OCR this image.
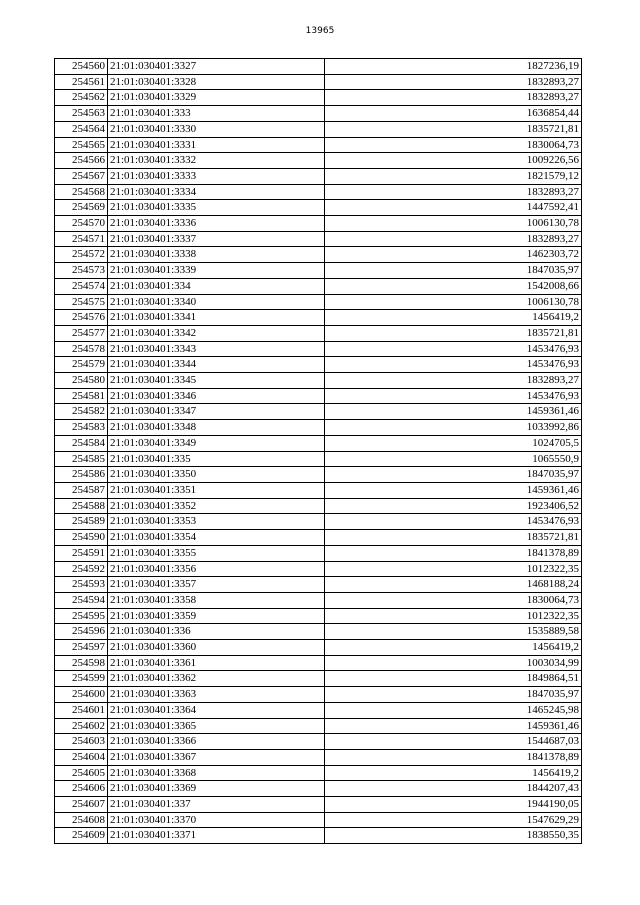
13965
254560	21:01:030401:3327	1827236,19
254561	21:01:030401:3328	1832893,27
254562	21:01:030401:3329	1832893,27
254563	21:01:030401:333	1636854,44
254564	21:01:030401:3330	1835721,81
254565	21:01:030401:3331	1830064,73
254566	21:01:030401:3332	1009226,56
254567	21:01:030401:3333	1821579,12
254568	21:01:030401:3334	1832893,27
254569	21:01:030401:3335	1447592,41
254570	21:01:030401:3336	1006130,78
254571	21:01:030401:3337	1832893,27
254572	21:01:030401:3338	1462303,72
254573	21:01:030401:3339	1847035,97
254574	21:01:030401:334	1542008,66
254575	21:01:030401:3340	1006130,78
254576	21:01:030401:3341	1456419,2
254577	21:01:030401:3342	1835721,81
254578	21:01:030401:3343	1453476,93
254579	21:01:030401:3344	1453476,93
254580	21:01:030401:3345	1832893,27
254581	21:01:030401:3346	1453476,93
254582	21:01:030401:3347	1459361,46
254583	21:01:030401:3348	1033992,86
254584	21:01:030401:3349	1024705,5
254585	21:01:030401:335	1065550,9
254586	21:01:030401:3350	1847035,97
254587	21:01:030401:3351	1459361,46
254588	21:01:030401:3352	1923406,52
254589	21:01:030401:3353	1453476,93
254590	21:01:030401:3354	1835721,81
254591	21:01:030401:3355	1841378,89
254592	21:01:030401:3356	1012322,35
254593	21:01:030401:3357	1468188,24
254594	21:01:030401:3358	1830064,73
254595	21:01:030401:3359	1012322,35
254596	21:01:030401:336	1535889,58
254597	21:01:030401:3360	1456419,2
254598	21:01:030401:3361	1003034,99
254599	21:01:030401:3362	1849864,51
254600	21:01:030401:3363	1847035,97
254601	21:01:030401:3364	1465245,98
254602	21:01:030401:3365	1459361,46
254603	21:01:030401:3366	1544687,03
254604	21:01:030401:3367	1841378,89
254605	21:01:030401:3368	1456419,2
254606	21:01:030401:3369	1844207,43
254607	21:01:030401:337	1944190,05
254608	21:01:030401:3370	1547629,29
254609	21:01:030401:3371	1838550,35
